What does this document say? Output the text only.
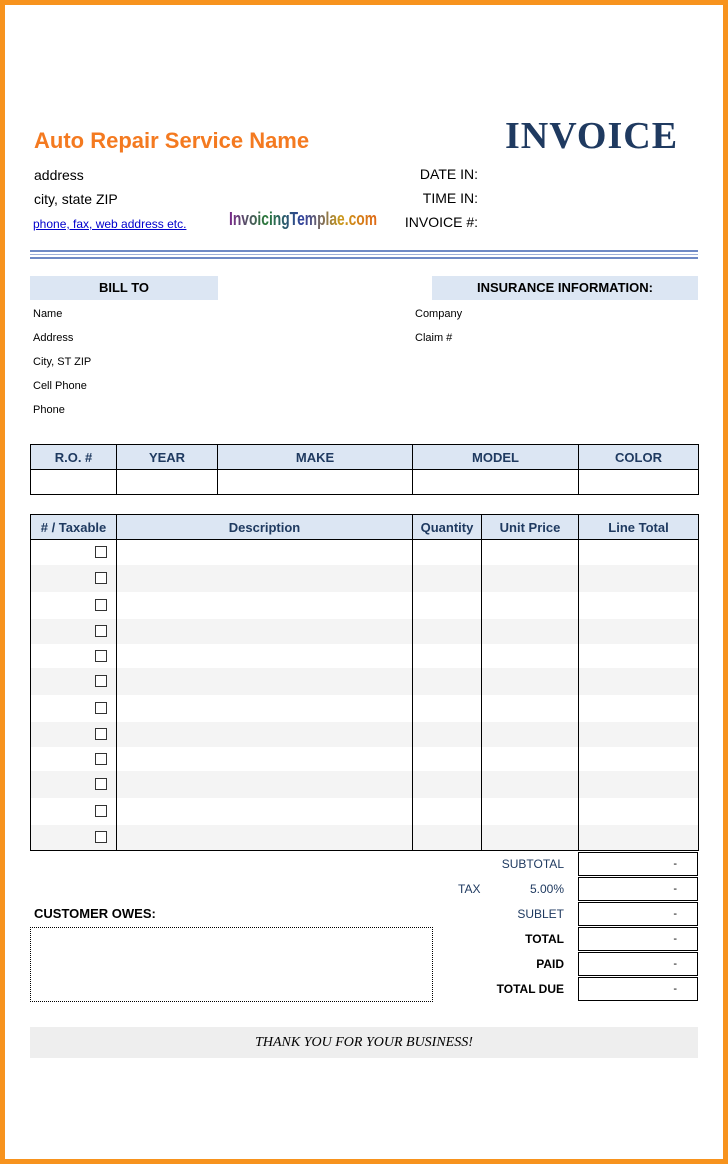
Auto Repair Service Name	INVOICE
address
city, state ZIP
phone, fax, web address etc. InvoicingTemplae.com
DATE IN:
TIME IN:
INVOICE #:
BILL TO	INSURANCE INFORMATION:
Name
Address
City, ST ZIP
Cell Phone
Phone
Company
Claim #
R.O. #	YEAR	MAKE	MODEL	COLOR

# / Taxable	Description	Quantity	Unit Price	Line Total

SUBTOTAL	-
TAX	5.00%	-
SUBLET	-
TOTAL	-
PAID	-
TOTAL DUE	-
CUSTOMER OWES:
THANK YOU FOR YOUR BUSINESS!
